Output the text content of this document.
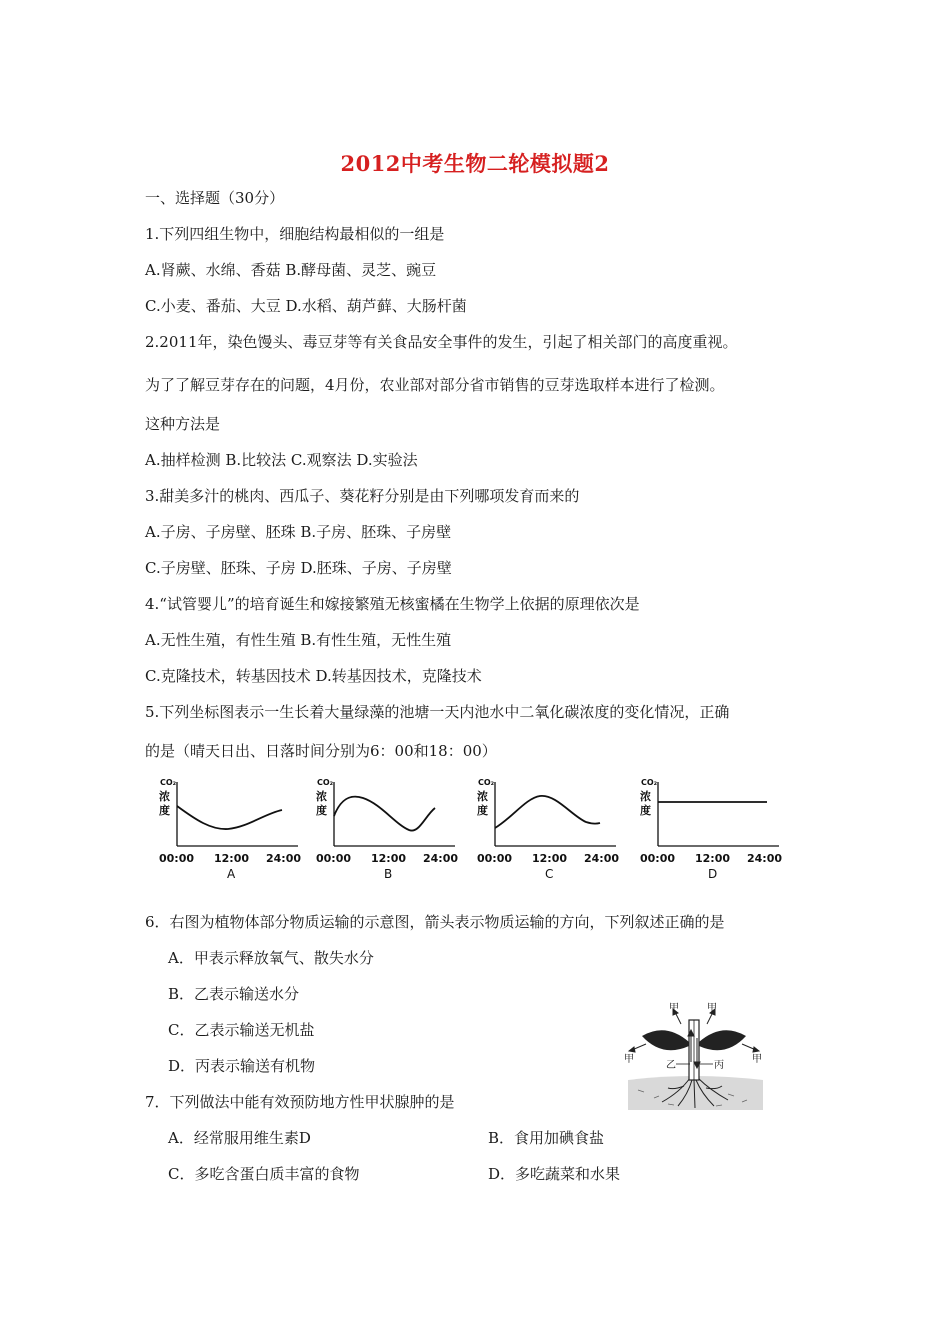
2012中考生物二轮模拟题2
一、选择题（30分）
1.下列四组生物中，细胞结构最相似的一组是
A.肾蕨、水绵、香菇 B.酵母菌、灵芝、豌豆
C.小麦、番茄、大豆 D.水稻、葫芦藓、大肠杆菌
2.2011年，染色馒头、毒豆芽等有关食品安全事件的发生，引起了相关部门的高度重视。
为了了解豆芽存在的问题，4月份，农业部对部分省市销售的豆芽选取样本进行了检测。
这种方法是
A.抽样检测 B.比较法 C.观察法 D.实验法
3.甜美多汁的桃肉、西瓜子、葵花籽分别是由下列哪项发育而来的
A.子房、子房壁、胚珠 B.子房、胚珠、子房壁
C.子房壁、胚珠、子房 D.胚珠、子房、子房壁
4.“试管婴儿”的培育诞生和嫁接繁殖无核蜜橘在生物学上依据的原理依次是
A.无性生殖，有性生殖 B.有性生殖，无性生殖
C.克隆技术，转基因技术 D.转基因技术，克隆技术
5.下列坐标图表示一生长着大量绿藻的池塘一天内池水中二氧化碳浓度的变化情况，正确
的是（晴天日出、日落时间分别为6：00和18：00）
CO₂
浓
度
00:00 12:00 24:00
A
CO₂
浓
度
00:00 12:00 24:00
B
CO₂
浓
度
00:00 12:00 24:00
C
CO₂
浓
度
00:00 12:00 24:00
D
6．右图为植物体部分物质运输的示意图，箭头表示物质运输的方向，下列叙述正确的是
A．甲表示释放氧气、散失水分
B．乙表示输送水分
C．乙表示输送无机盐
D．丙表示输送有机物
甲	甲
甲	甲
乙	丙
7．下列做法中能有效预防地方性甲状腺肿的是
A．经常服用维生素D	B．食用加碘食盐
C．多吃含蛋白质丰富的食物	D．多吃蔬菜和水果
